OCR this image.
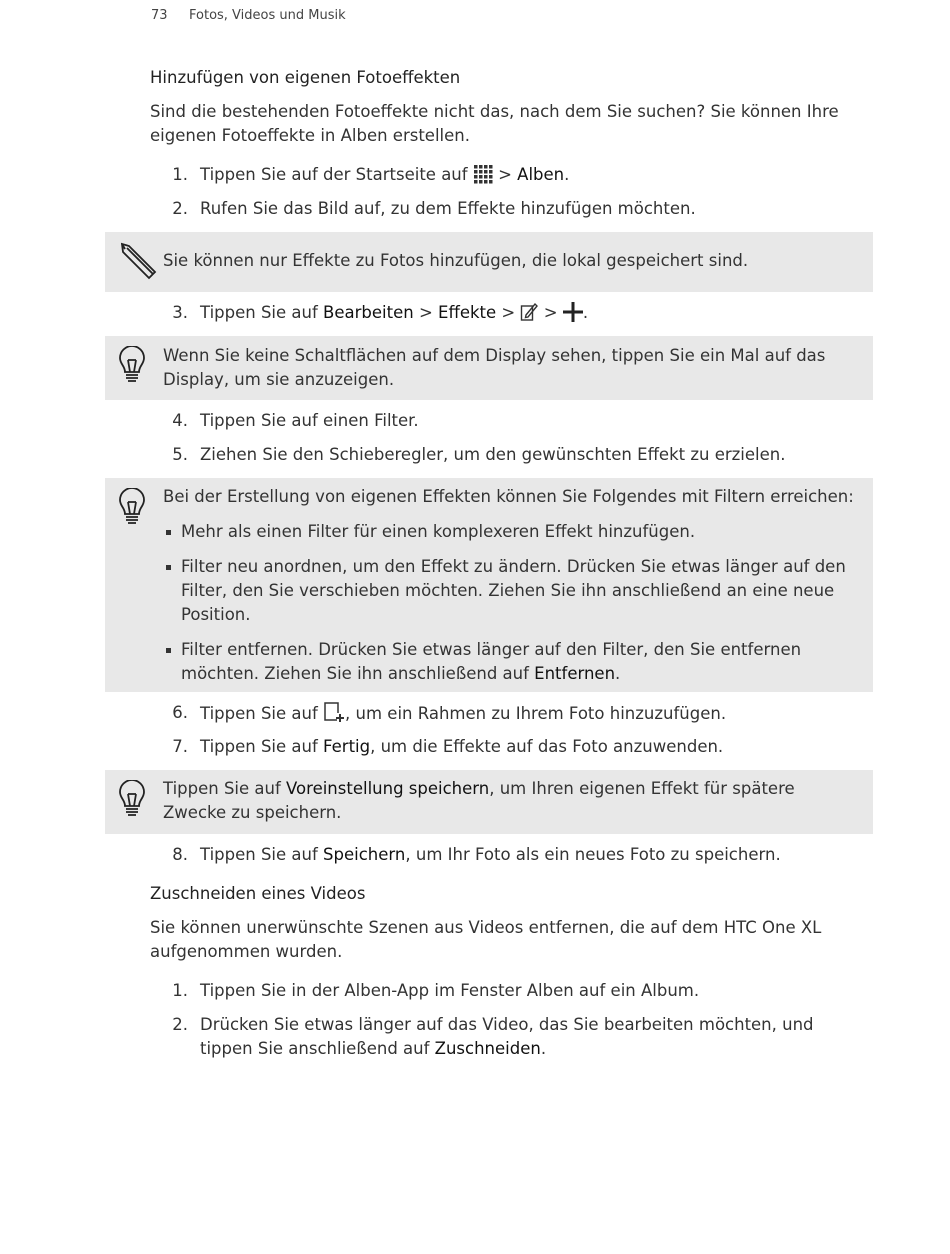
73 Fotos, Videos und Musik
Hinzufügen von eigenen Fotoeffekten
Sind die bestehenden Fotoeffekte nicht das, nach dem Sie suchen? Sie können Ihre eigenen Fotoeffekte in Alben erstellen.
1. Tippen Sie auf der Startseite auf  > Alben.
2. Rufen Sie das Bild auf, zu dem Effekte hinzufügen möchten.
Sie können nur Effekte zu Fotos hinzufügen, die lokal gespeichert sind.
3. Tippen Sie auf Bearbeiten > Effekte >  > .
Wenn Sie keine Schaltflächen auf dem Display sehen, tippen Sie ein Mal auf das Display, um sie anzuzeigen.
4. Tippen Sie auf einen Filter.
5. Ziehen Sie den Schieberegler, um den gewünschten Effekt zu erzielen.
Bei der Erstellung von eigenen Effekten können Sie Folgendes mit Filtern erreichen:
Mehr als einen Filter für einen komplexeren Effekt hinzufügen.
Filter neu anordnen, um den Effekt zu ändern. Drücken Sie etwas länger auf den Filter, den Sie verschieben möchten. Ziehen Sie ihn anschließend an eine neue Position.
Filter entfernen. Drücken Sie etwas länger auf den Filter, den Sie entfernen möchten. Ziehen Sie ihn anschließend auf Entfernen.
6. Tippen Sie auf , um ein Rahmen zu Ihrem Foto hinzuzufügen.
7. Tippen Sie auf Fertig, um die Effekte auf das Foto anzuwenden.
Tippen Sie auf Voreinstellung speichern, um Ihren eigenen Effekt für spätere Zwecke zu speichern.
8. Tippen Sie auf Speichern, um Ihr Foto als ein neues Foto zu speichern.
Zuschneiden eines Videos
Sie können unerwünschte Szenen aus Videos entfernen, die auf dem HTC One XL aufgenommen wurden.
1. Tippen Sie in der Alben-App im Fenster Alben auf ein Album.
2. Drücken Sie etwas länger auf das Video, das Sie bearbeiten möchten, und tippen Sie anschließend auf Zuschneiden.
